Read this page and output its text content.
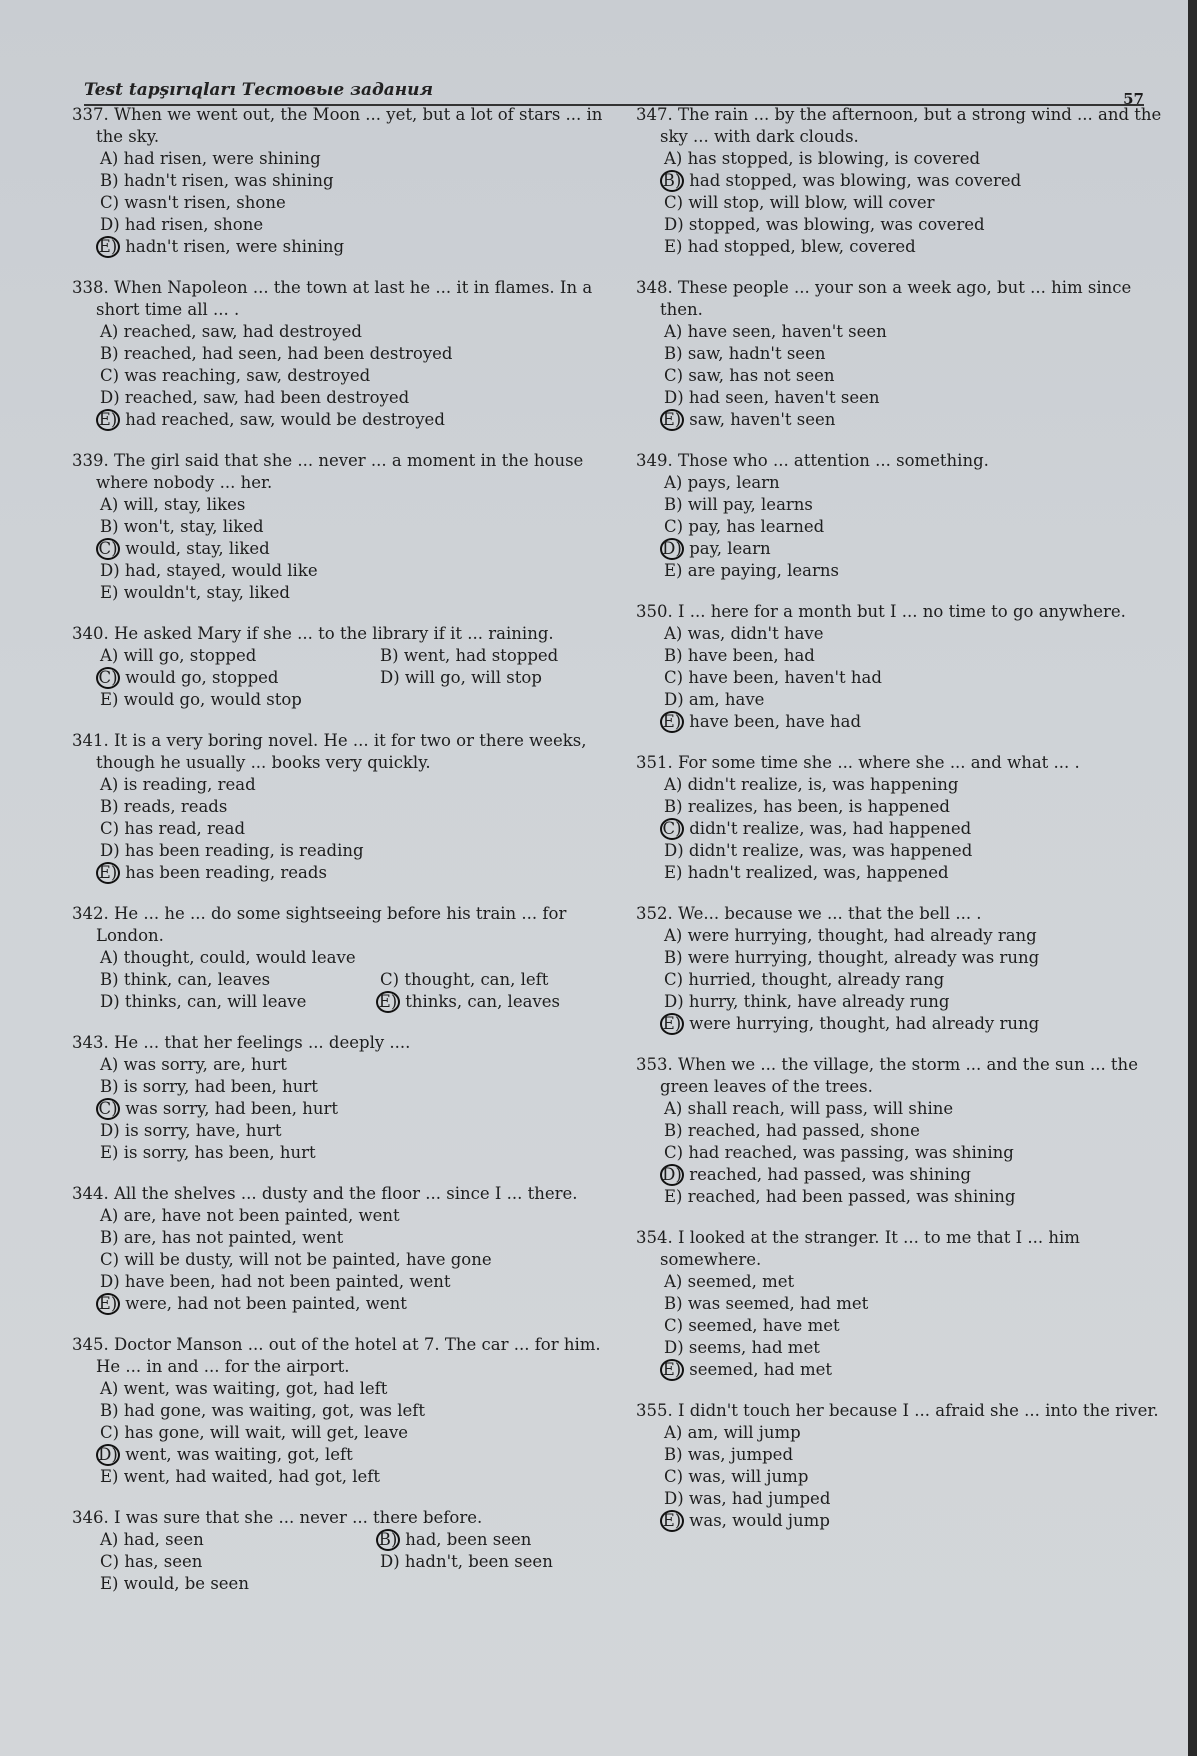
Test tapşırıqları Тестовые задания	57
337. When we went out, the Moon ... yet, but a lot of stars ... in the sky.
A) had risen, were shining
B) hadn't risen, was shining
C) wasn't risen, shone
D) had risen, shone
E) hadn't risen, were shining
338. When Napoleon ... the town at last he ... it in flames. In a short time all ... .
A) reached, saw, had destroyed
B) reached, had seen, had been destroyed
C) was reaching, saw, destroyed
D) reached, saw, had been destroyed
E) had reached, saw, would be destroyed
339. The girl said that she ... never ... a moment in the house where nobody ... her.
A) will, stay, likes
B) won't, stay, liked
C) would, stay, liked
D) had, stayed, would like
E) wouldn't, stay, liked
340. He asked Mary if she ... to the library if it ... raining.
A) will go, stopped	B) went, had stopped
C) would go, stopped	D) will go, will stop
E) would go, would stop
341. It is a very boring novel. He ... it for two or there weeks, though he usually ... books very quickly.
A) is reading, read
B) reads, reads
C) has read, read
D) has been reading, is reading
E) has been reading, reads
342. He ... he ... do some sightseeing before his train ... for London.
A) thought, could, would leave
B) think, can, leaves	C) thought, can, left
D) thinks, can, will leave	E) thinks, can, leaves
343. He ... that her feelings ... deeply ....
A) was sorry, are, hurt
B) is sorry, had been, hurt
C) was sorry, had been, hurt
D) is sorry, have, hurt
E) is sorry, has been, hurt
344. All the shelves ... dusty and the floor ... since I ... there.
A) are, have not been painted, went
B) are, has not painted, went
C) will be dusty, will not be painted, have gone
D) have been, had not been painted, went
E) were, had not been painted, went
345. Doctor Manson ... out of the hotel at 7. The car ... for him. He ... in and ... for the airport.
A) went, was waiting, got, had left
B) had gone, was waiting, got, was left
C) has gone, will wait, will get, leave
D) went, was waiting, got, left
E) went, had waited, had got, left
346. I was sure that she ... never ... there before.
A) had, seen	B) had, been seen
C) has, seen	D) hadn't, been seen
E) would, be seen
347. The rain ... by the afternoon, but a strong wind ... and the sky ... with dark clouds.
A) has stopped, is blowing, is covered
B) had stopped, was blowing, was covered
C) will stop, will blow, will cover
D) stopped, was blowing, was covered
E) had stopped, blew, covered
348. These people ... your son a week ago, but ... him since then.
A) have seen, haven't seen
B) saw, hadn't seen
C) saw, has not seen
D) had seen, haven't seen
E) saw, haven't seen
349. Those who ... attention ... something.
A) pays, learn
B) will pay, learns
C) pay, has learned
D) pay, learn
E) are paying, learns
350. I ... here for a month but I ... no time to go anywhere.
A) was, didn't have
B) have been, had
C) have been, haven't had
D) am, have
E) have been, have had
351. For some time she ... where she ... and what ... .
A) didn't realize, is, was happening
B) realizes, has been, is happened
C) didn't realize, was, had happened
D) didn't realize, was, was happened
E) hadn't realized, was, happened
352. We... because we ... that the bell ... .
A) were hurrying, thought, had already rang
B) were hurrying, thought, already was rung
C) hurried, thought, already rang
D) hurry, think, have already rung
E) were hurrying, thought, had already rung
353. When we ... the village, the storm ... and the sun ... the green leaves of the trees.
A) shall reach, will pass, will shine
B) reached, had passed, shone
C) had reached, was passing, was shining
D) reached, had passed, was shining
E) reached, had been passed, was shining
354. I looked at the stranger. It ... to me that I ... him somewhere.
A) seemed, met
B) was seemed, had met
C) seemed, have met
D) seems, had met
E) seemed, had met
355. I didn't touch her because I ... afraid she ... into the river.
A) am, will jump
B) was, jumped
C) was, will jump
D) was, had jumped
E) was, would jump
